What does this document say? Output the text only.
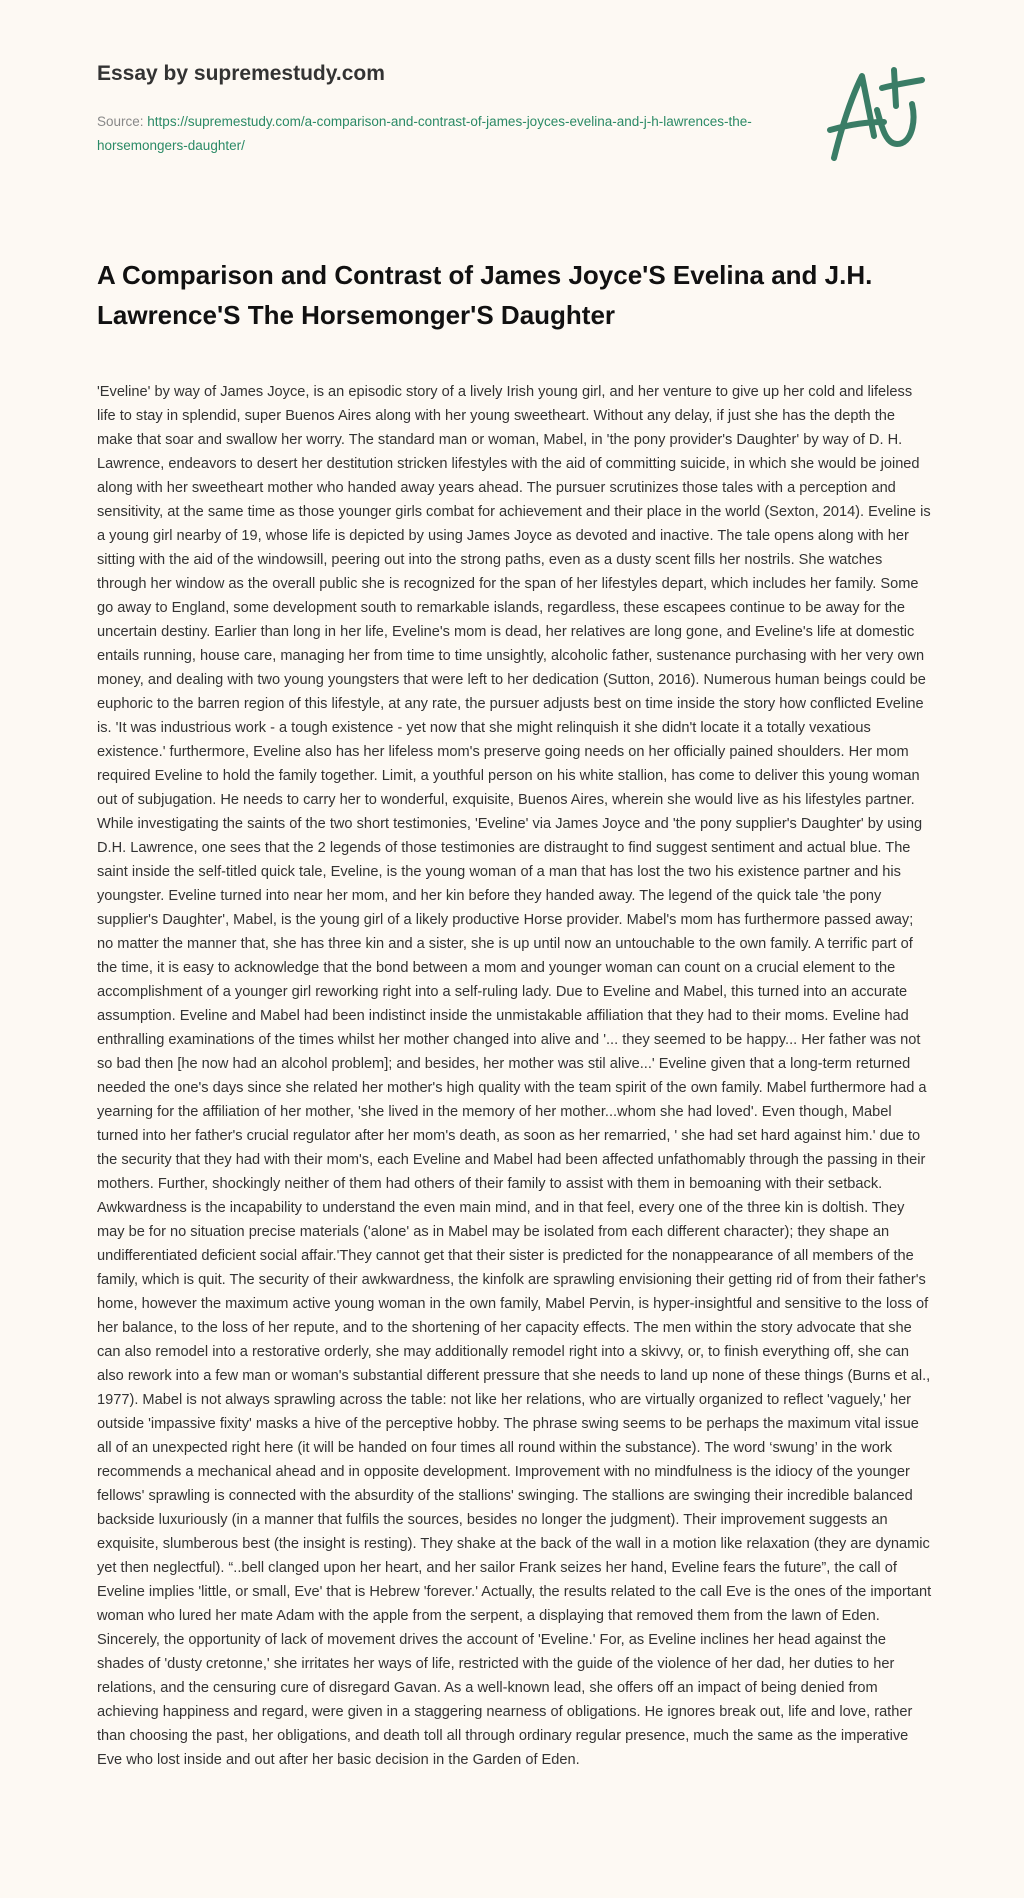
Essay by supremestudy.com
Source: https://supremestudy.com/a-comparison-and-contrast-of-james-joyces-evelina-and-j-h-lawrences-the-horsemongers-daughter/
A Comparison and Contrast of James Joyce'S Evelina and J.H. Lawrence'S The Horsemonger'S Daughter

'Eveline' by way of James Joyce, is an episodic story of a lively Irish young girl, and her venture to give up her cold and lifeless life to stay in splendid, super Buenos Aires along with her young sweetheart. Without any delay, if just she has the depth the make that soar and swallow her worry. The standard man or woman, Mabel, in 'the pony provider's Daughter' by way of D. H. Lawrence, endeavors to desert her destitution stricken lifestyles with the aid of committing suicide, in which she would be joined along with her sweetheart mother who handed away years ahead. The pursuer scrutinizes those tales with a perception and sensitivity, at the same time as those younger girls combat for achievement and their place in the world (Sexton, 2014). Eveline is a young girl nearby of 19, whose life is depicted by using James Joyce as devoted and inactive. The tale opens along with her sitting with the aid of the windowsill, peering out into the strong paths, even as a dusty scent fills her nostrils. She watches through her window as the overall public she is recognized for the span of her lifestyles depart, which includes her family. Some go away to England, some development south to remarkable islands, regardless, these escapees continue to be away for the uncertain destiny. Earlier than long in her life, Eveline's mom is dead, her relatives are long gone, and Eveline's life at domestic entails running, house care, managing her from time to time unsightly, alcoholic father, sustenance purchasing with her very own money, and dealing with two young youngsters that were left to her dedication (Sutton, 2016). Numerous human beings could be euphoric to the barren region of this lifestyle, at any rate, the pursuer adjusts best on time inside the story how conflicted Eveline is. 'It was industrious work - a tough existence - yet now that she might relinquish it she didn't locate it a totally vexatious existence.' furthermore, Eveline also has her lifeless mom's preserve going needs on her officially pained shoulders. Her mom required Eveline to hold the family together. Limit, a youthful person on his white stallion, has come to deliver this young woman out of subjugation. He needs to carry her to wonderful, exquisite, Buenos Aires, wherein she would live as his lifestyles partner. While investigating the saints of the two short testimonies, 'Eveline' via James Joyce and 'the pony supplier's Daughter' by using D.H. Lawrence, one sees that the 2 legends of those testimonies are distraught to find suggest sentiment and actual blue. The saint inside the self-titled quick tale, Eveline, is the young woman of a man that has lost the two his existence partner and his youngster. Eveline turned into near her mom, and her kin before they handed away. The legend of the quick tale 'the pony supplier's Daughter', Mabel, is the young girl of a likely productive Horse provider. Mabel's mom has furthermore passed away; no matter the manner that, she has three kin and a sister, she is up until now an untouchable to the own family. A terrific part of the time, it is easy to acknowledge that the bond between a mom and younger woman can count on a crucial element to the accomplishment of a younger girl reworking right into a self-ruling lady. Due to Eveline and Mabel, this turned into an accurate assumption. Eveline and Mabel had been indistinct inside the unmistakable affiliation that they had to their moms. Eveline had enthralling examinations of the times whilst her mother changed into alive and '... they seemed to be happy... Her father was not so bad then [he now had an alcohol problem]; and besides, her mother was stil alive...' Eveline given that a long-term returned needed the one's days since she related her mother's high quality with the team spirit of the own family. Mabel furthermore had a yearning for the affiliation of her mother, 'she lived in the memory of her mother...whom she had loved'. Even though, Mabel turned into her father's crucial regulator after her mom's death, as soon as her remarried, ' she had set hard against him.' due to the security that they had with their mom's, each Eveline and Mabel had been affected unfathomably through the passing in their mothers. Further, shockingly neither of them had others of their family to assist with them in bemoaning with their setback. Awkwardness is the incapability to understand the even main mind, and in that feel, every one of the three kin is doltish. They may be for no situation precise materials ('alone' as in Mabel may be isolated from each different character); they shape an undifferentiated deficient social affair.'They cannot get that their sister is predicted for the nonappearance of all members of the family, which is quit. The security of their awkwardness, the kinfolk are sprawling envisioning their getting rid of from their father's home, however the maximum active young woman in the own family, Mabel Pervin, is hyper-insightful and sensitive to the loss of her balance, to the loss of her repute, and to the shortening of her capacity effects. The men within the story advocate that she can also remodel into a restorative orderly, she may additionally remodel right into a skivvy, or, to finish everything off, she can also rework into a few man or woman's substantial different pressure that she needs to land up none of these things (Burns et al., 1977). Mabel is not always sprawling across the table: not like her relations, who are virtually organized to reflect 'vaguely,' her outside 'impassive fixity' masks a hive of the perceptive hobby. The phrase swing seems to be perhaps the maximum vital issue all of an unexpected right here (it will be handed on four times all round within the substance). The word ‘swung’ in the work recommends a mechanical ahead and in opposite development. Improvement with no mindfulness is the idiocy of the younger fellows' sprawling is connected with the absurdity of the stallions' swinging. The stallions are swinging their incredible balanced backside luxuriously (in a manner that fulfils the sources, besides no longer the judgment). Their improvement suggests an exquisite, slumberous best (the insight is resting). They shake at the back of the wall in a motion like relaxation (they are dynamic yet then neglectful). “..bell clanged upon her heart, and her sailor Frank seizes her hand, Eveline fears the future”, the call of Eveline implies 'little, or small, Eve' that is Hebrew 'forever.' Actually, the results related to the call Eve is the ones of the important woman who lured her mate Adam with the apple from the serpent, a displaying that removed them from the lawn of Eden. Sincerely, the opportunity of lack of movement drives the account of 'Eveline.' For, as Eveline inclines her head against the shades of 'dusty cretonne,' she irritates her ways of life, restricted with the guide of the violence of her dad, her duties to her relations, and the censuring cure of disregard Gavan. As a well-known lead, she offers off an impact of being denied from achieving happiness and regard, were given in a staggering nearness of obligations. He ignores break out, life and love, rather than choosing the past, her obligations, and death toll all through ordinary regular presence, much the same as the imperative Eve who lost inside and out after her basic decision in the Garden of Eden.
